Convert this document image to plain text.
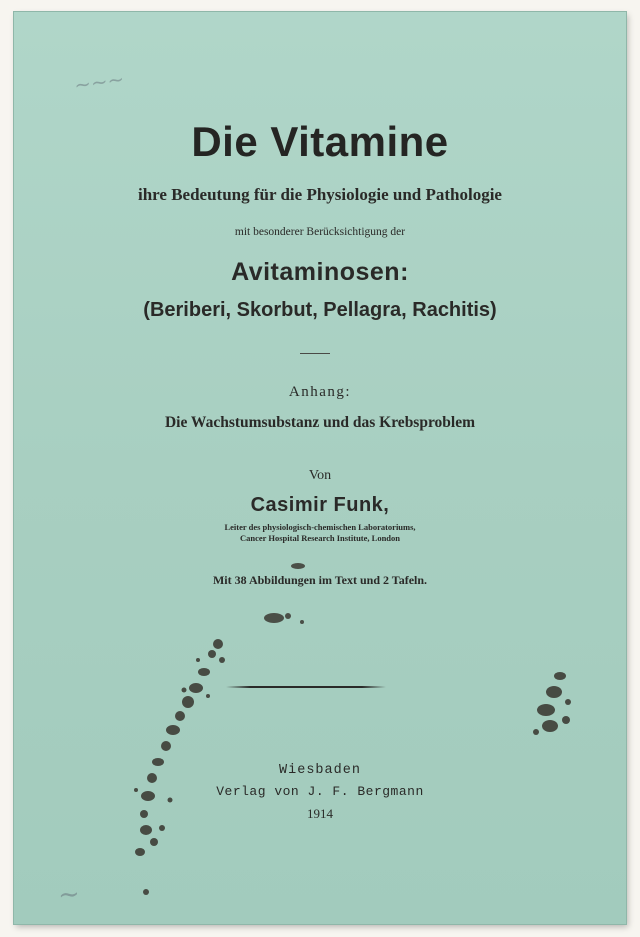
~~~
~
Die Vitamine
ihre Bedeutung für die Physiologie und Pathologie
mit besonderer Berücksichtigung der
Avitaminosen:
(Beriberi, Skorbut, Pellagra, Rachitis)
Anhang:
Die Wachstumsubstanz und das Krebsproblem
Von
Casimir Funk,
Leiter des physiologisch-chemischen Laboratoriums,
Cancer Hospital Research Institute, London
Mit 38 Abbildungen im Text und 2 Tafeln.
Wiesbaden
Verlag von J. F. Bergmann
1914
